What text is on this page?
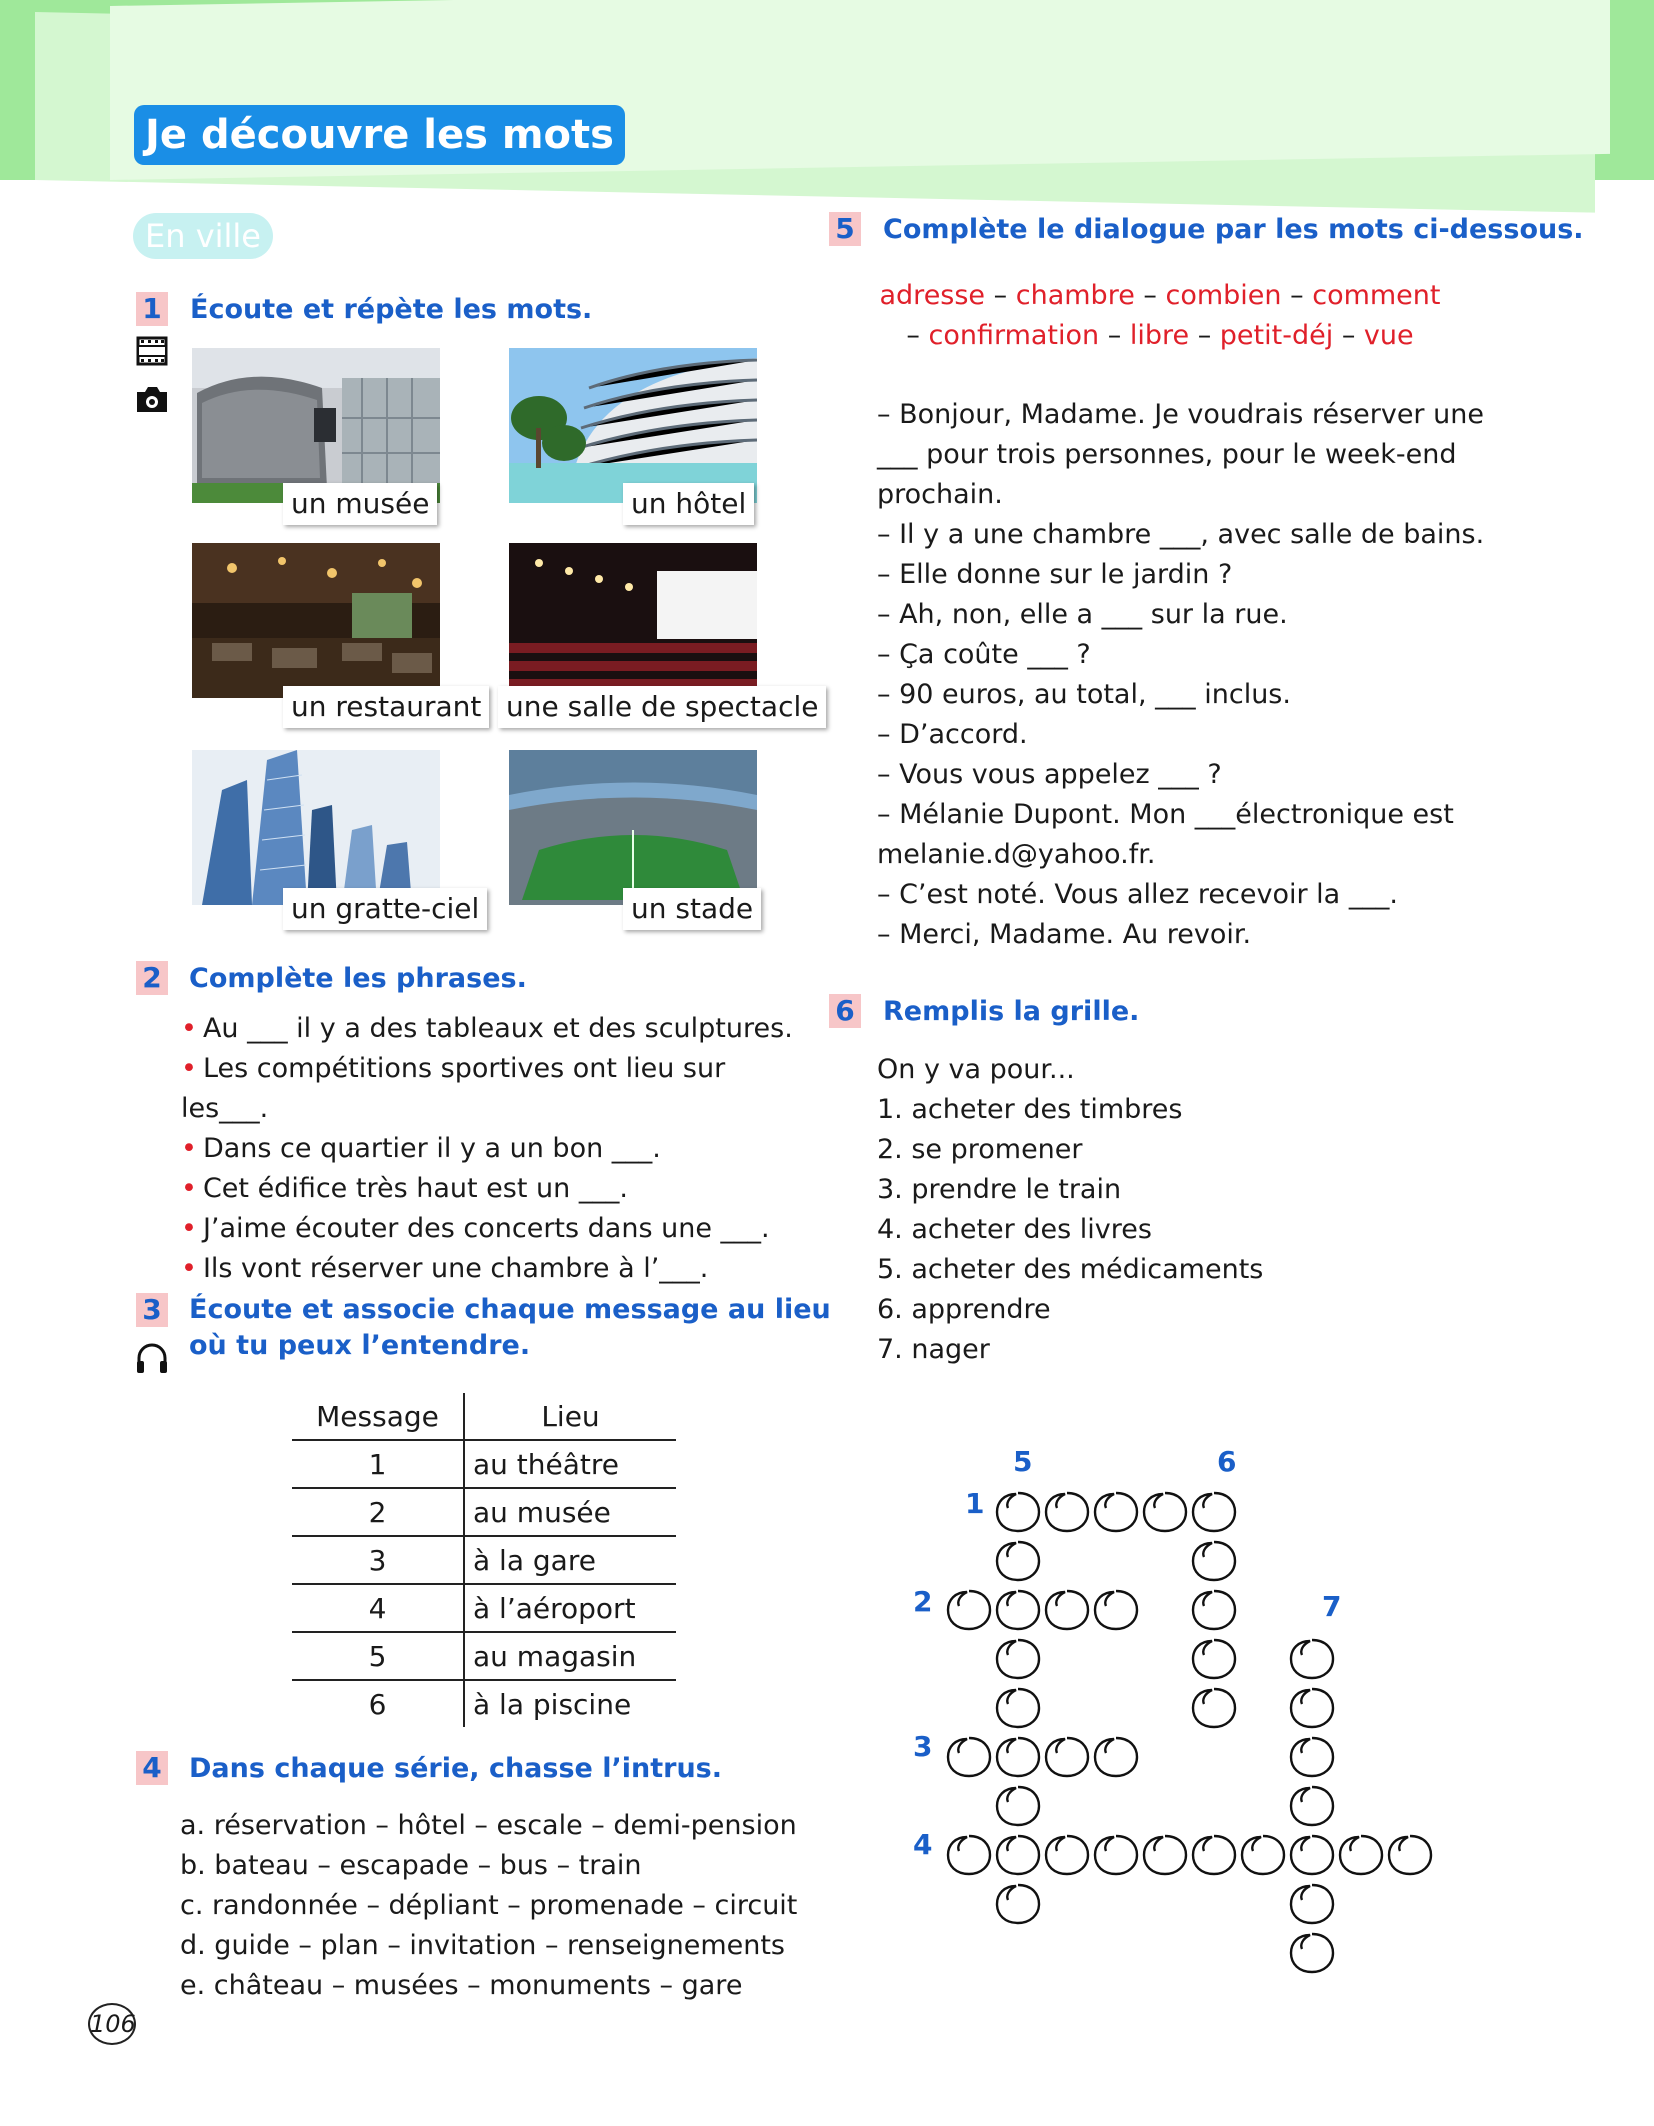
Je découvre les mots
En ville
1 Écoute et répète les mots.
un musée	un hôtel
un restaurant une salle de spectacle
un gratte-ciel	un stade
2 Complète les phrases.
• Au ___ il y a des tableaux et des sculptures.
• Les compétitions sportives ont lieu sur les___.
• Dans ce quartier il y a un bon ___.
• Cet édifice très haut est un ___.
• J’aime écouter des concerts dans une ___.
• Ils vont réserver une chambre à l’___.
3 Écoute et associe chaque message au lieu
où tu peux l’entendre.
Message	Lieu
1	au théâtre
2	au musée
3	à la gare
4	à l’aéroport
5	au magasin
6	à la piscine
4 Dans chaque série, chasse l’intrus.
a. réservation – hôtel – escale – demi-pension
b. bateau – escapade – bus – train
c. randonnée – dépliant – promenade – circuit
d. guide – plan – invitation – renseignements
e. château – musées – monuments – gare
106
5 Complète le dialogue par les mots ci-dessous.
adresse – chambre – combien – comment
– confirmation – libre – petit-déj – vue
– Bonjour, Madame. Je voudrais réserver une
___ pour trois personnes, pour le week-end
prochain.
– Il y a une chambre ___, avec salle de bains.
– Elle donne sur le jardin ?
– Ah, non, elle a ___ sur la rue.
– Ça coûte ___ ?
– 90 euros, au total, ___ inclus.
– D’accord.
– Vous vous appelez ___ ?
– Mélanie Dupont. Mon ___électronique est
melanie.d@yahoo.fr.
– C’est noté. Vous allez recevoir la ___.
– Merci, Madame. Au revoir.
6 Remplis la grille.
On y va pour...
1. acheter des timbres
2. se promener
3. prendre le train
4. acheter des livres
5. acheter des médicaments
6. apprendre
7. nager
5	6
1
2	7
3
4
